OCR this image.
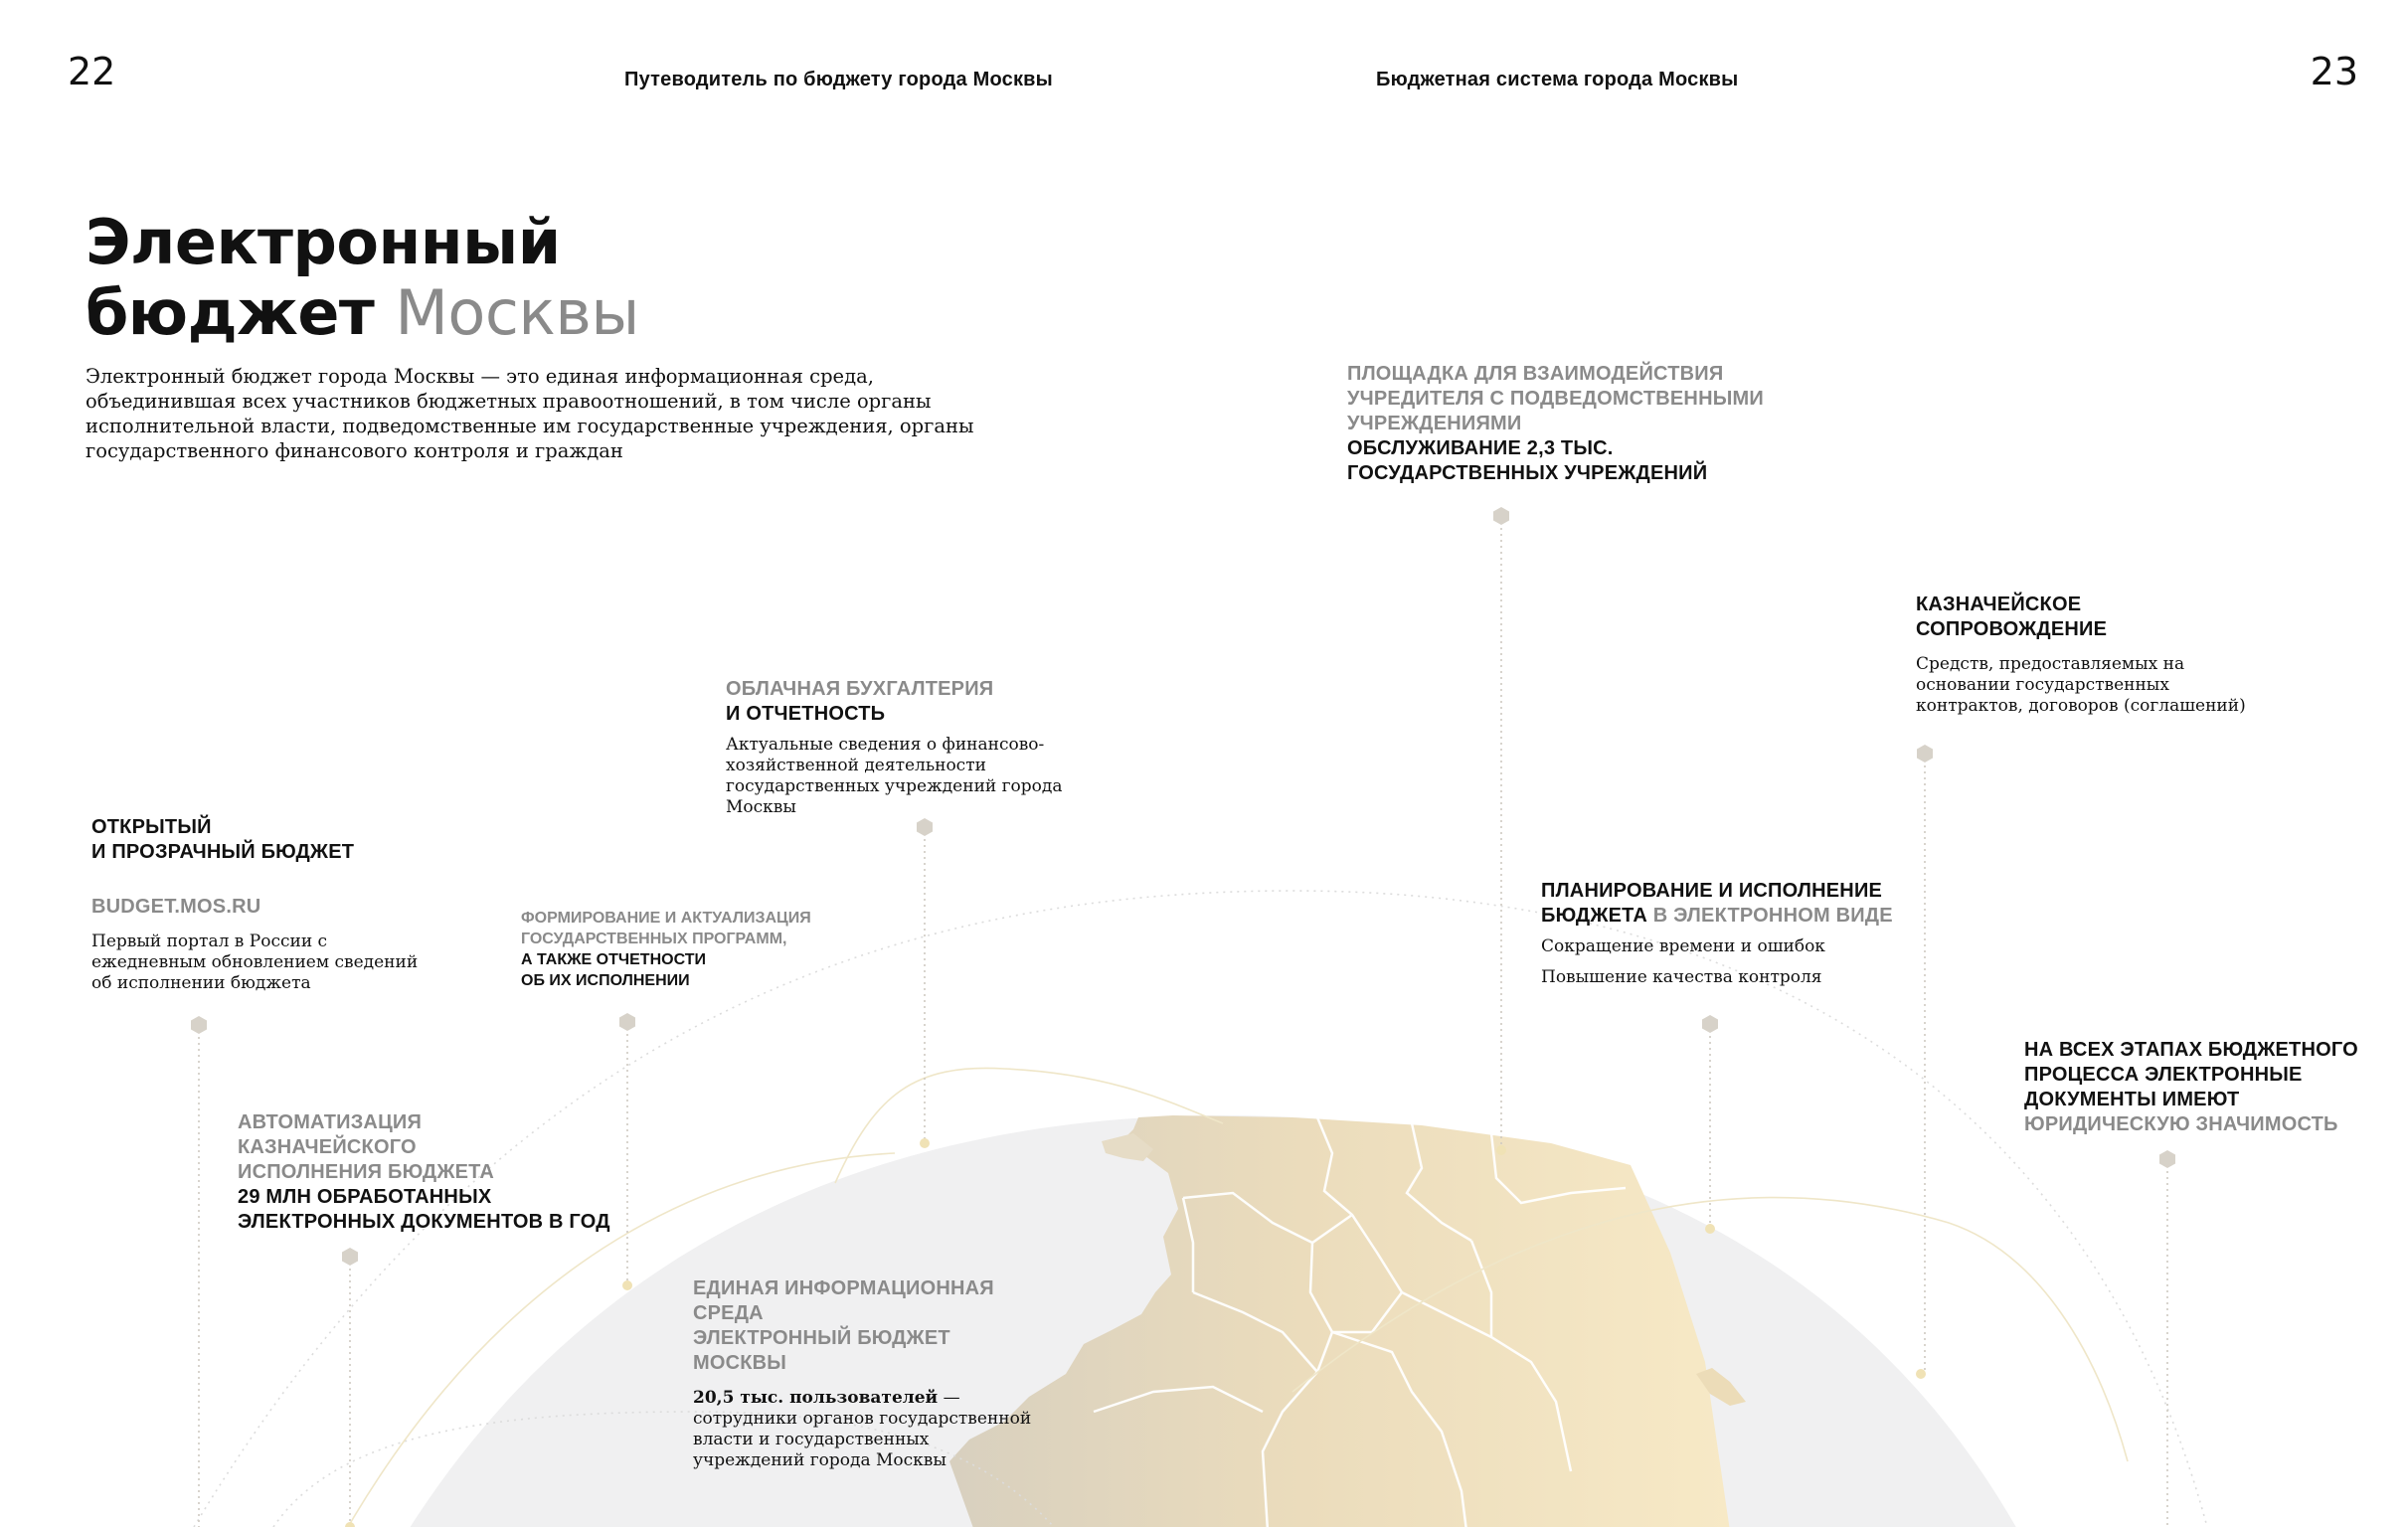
22	Путеводитель по бюджету города Москвы	Бюджетная система города Москвы	23
Электронный
бюджет Москвы
Электронный бюджет города Москвы — это единая информационная среда, объединившая всех участников бюджетных правоотношений, в том числе органы исполнительной власти, подведомственные им государственные учреждения, органы государственного финансового контроля и граждан
ОТКРЫТЫЙ
И ПРОЗРАЧНЫЙ БЮДЖЕТ
BUDGET.MOS.RU
Первый портал в России с ежедневным обновлением сведений об исполнении бюджета
ФОРМИРОВАНИЕ И АКТУАЛИЗАЦИЯ
ГОСУДАРСТВЕННЫХ ПРОГРАММ,
А ТАКЖЕ ОТЧЕТНОСТИ
ОБ ИХ ИСПОЛНЕНИИ
ОБЛАЧНАЯ БУХГАЛТЕРИЯ
И ОТЧЕТНОСТЬ
Актуальные сведения о финансово-хозяйственной деятельности государственных учреждений города Москвы
ПЛОЩАДКА ДЛЯ ВЗАИМОДЕЙСТВИЯ
УЧРЕДИТЕЛЯ С ПОДВЕДОМСТВЕННЫМИ
УЧРЕЖДЕНИЯМИ
ОБСЛУЖИВАНИЕ 2,3 ТЫС.
ГОСУДАРСТВЕННЫХ УЧРЕЖДЕНИЙ
КАЗНАЧЕЙСКОЕ
СОПРОВОЖДЕНИЕ
Средств, предоставляемых на основании государственных контрактов, договоров (соглашений)
ПЛАНИРОВАНИЕ И ИСПОЛНЕНИЕ
БЮДЖЕТА В ЭЛЕКТРОННОМ ВИДЕ
Сокращение времени и ошибок
Повышение качества контроля
НА ВСЕХ ЭТАПАХ БЮДЖЕТНОГО
ПРОЦЕССА ЭЛЕКТРОННЫЕ
ДОКУМЕНТЫ ИМЕЮТ
ЮРИДИЧЕСКУЮ ЗНАЧИМОСТЬ
АВТОМАТИЗАЦИЯ
КАЗНАЧЕЙСКОГО
ИСПОЛНЕНИЯ БЮДЖЕТА
29 МЛН ОБРАБОТАННЫХ
ЭЛЕКТРОННЫХ ДОКУМЕНТОВ В ГОД
ЕДИНАЯ ИНФОРМАЦИОННАЯ СРЕДА
ЭЛЕКТРОННЫЙ БЮДЖЕТ МОСКВЫ
20,5 тыс. пользователей — сотрудники органов государственной власти и государственных учреждений города Москвы
